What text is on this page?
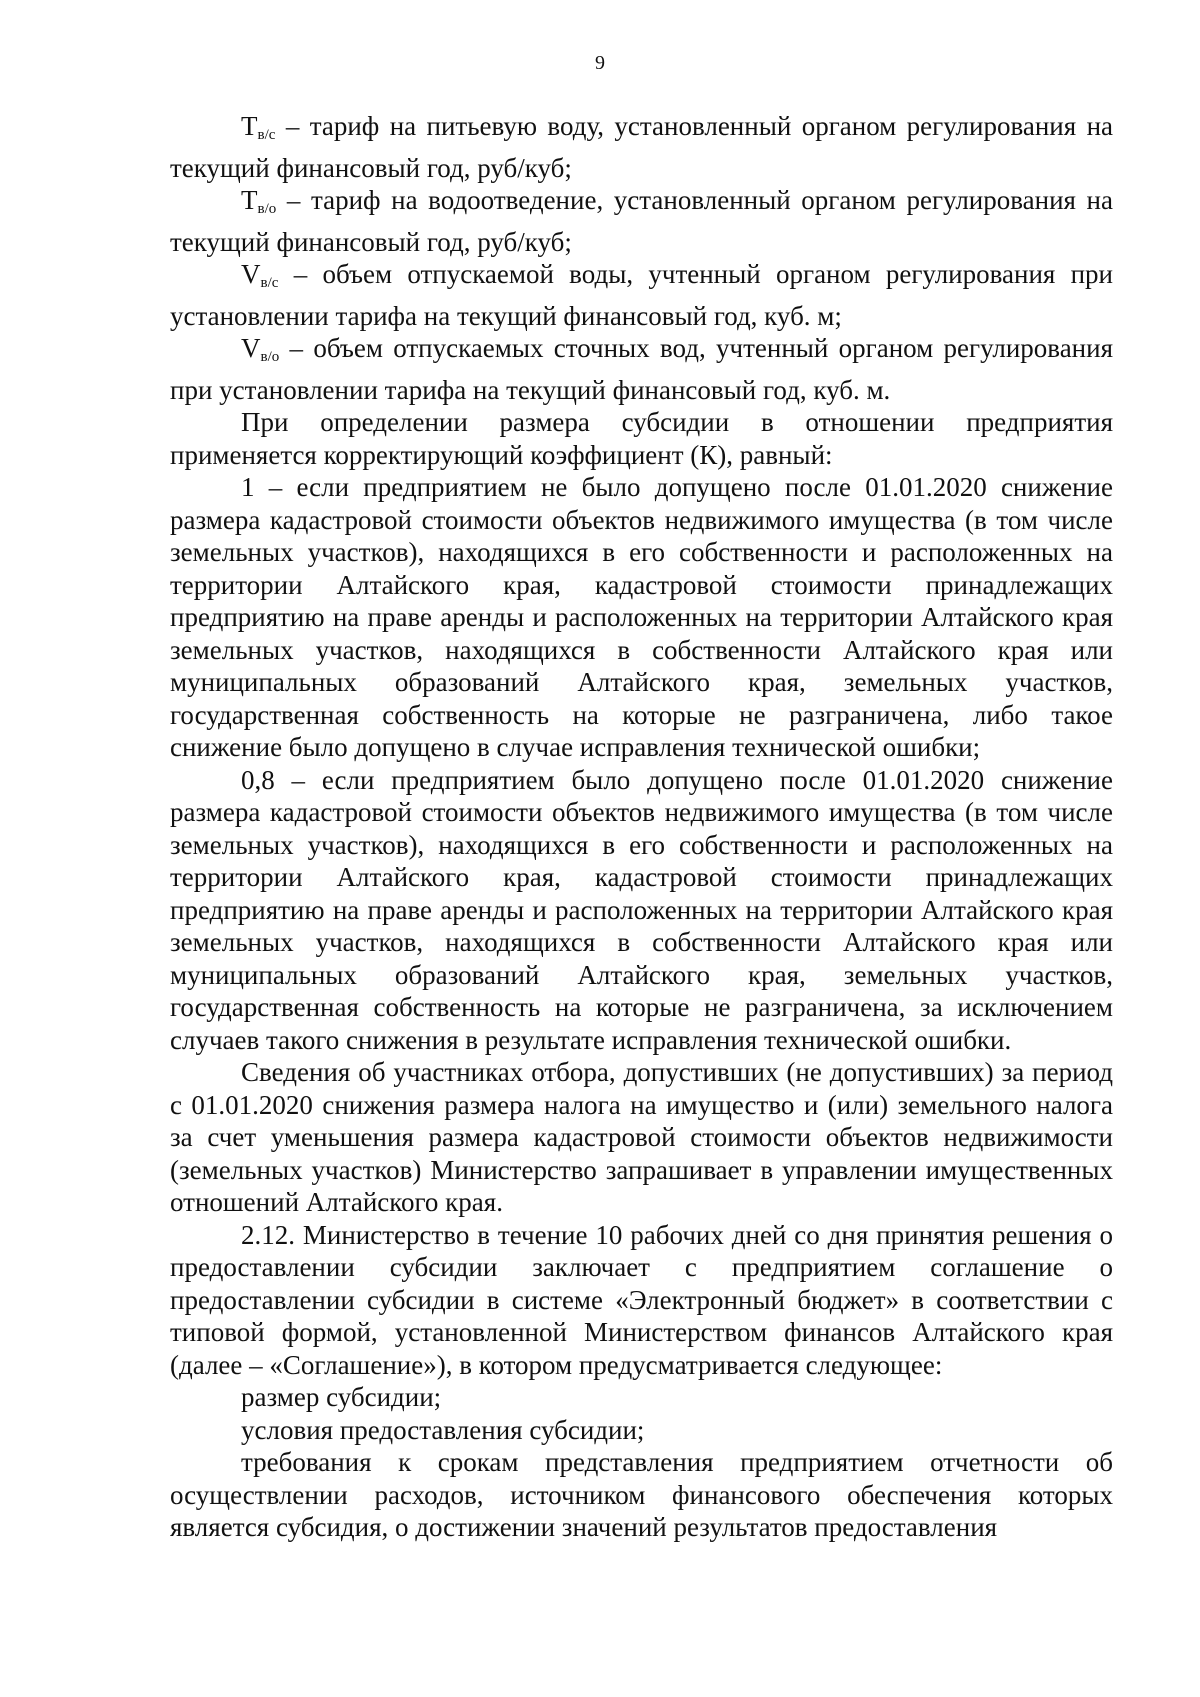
9

$Т_{в/с}$ – тариф на питьевую воду, установленный органом регулирования на текущий финансовый год, руб/куб;

$Т_{в/о}$ – тариф на водоотведение, установленный органом регулирования на текущий финансовый год, руб/куб;

$V_{в/с}$ – объем отпускаемой воды, учтенный органом регулирования при установлении тарифа на текущий финансовый год, куб. м;

$V_{в/о}$ – объем отпускаемых сточных вод, учтенный органом регулирования при установлении тарифа на текущий финансовый год, куб. м.

При определении размера субсидии в отношении предприятия применяется корректирующий коэффициент (К), равный:

1 – если предприятием не было допущено после 01.01.2020 снижение размера кадастровой стоимости объектов недвижимого имущества (в том числе земельных участков), находящихся в его собственности и расположенных на территории Алтайского края, кадастровой стоимости принадлежащих предприятию на праве аренды и расположенных на территории Алтайского края земельных участков, находящихся в собственности Алтайского края или муниципальных образований Алтайского края, земельных участков, государственная собственность на которые не разграничена, либо такое снижение было допущено в случае исправления технической ошибки;

0,8 – если предприятием было допущено после 01.01.2020 снижение размера кадастровой стоимости объектов недвижимого имущества (в том числе земельных участков), находящихся в его собственности и расположенных на территории Алтайского края, кадастровой стоимости принадлежащих предприятию на праве аренды и расположенных на территории Алтайского края земельных участков, находящихся в собственности Алтайского края или муниципальных образований Алтайского края, земельных участков, государственная собственность на которые не разграничена, за исключением случаев такого снижения в результате исправления технической ошибки.

Сведения об участниках отбора, допустивших (не допустивших) за период с 01.01.2020 снижения размера налога на имущество и (или) земельного налога за счет уменьшения размера кадастровой стоимости объектов недвижимости (земельных участков) Министерство запрашивает в управлении имущественных отношений Алтайского края.

2.12. Министерство в течение 10 рабочих дней со дня принятия решения о предоставлении субсидии заключает с предприятием соглашение о предоставлении субсидии в системе «Электронный бюджет» в соответствии с типовой формой, установленной Министерством финансов Алтайского края (далее – «Соглашение»), в котором предусматривается следующее:

размер субсидии;

условия предоставления субсидии;

требования к срокам представления предприятием отчетности об осуществлении расходов, источником финансового обеспечения которых является субсидия, о достижении значений результатов предоставления
